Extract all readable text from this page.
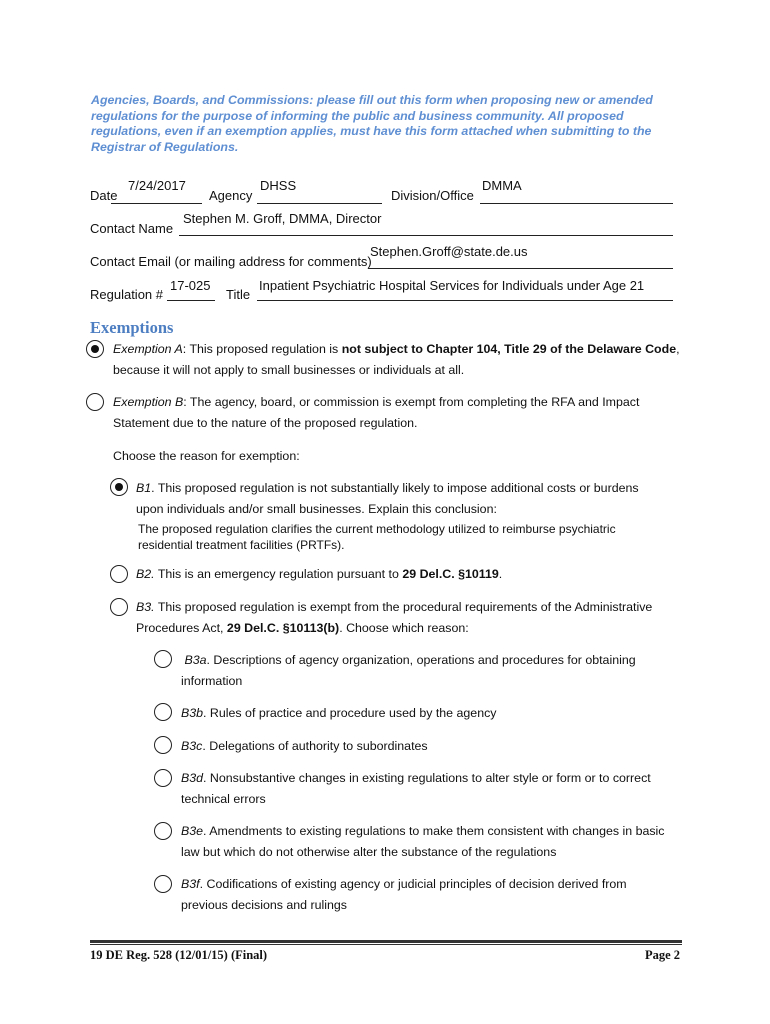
Agencies, Boards, and Commissions: please fill out this form when proposing new or amended regulations for the purpose of informing the public and business community. All proposed regulations, even if an exemption applies, must have this form attached when submitting to the Registrar of Regulations.
Date
7/24/2017
Agency
DHSS
Division/Office
DMMA
Contact Name
Stephen M. Groff, DMMA, Director
Contact Email (or mailing address for comments)
Stephen.Groff@state.de.us
Regulation #
17-025
Title
Inpatient Psychiatric Hospital Services for Individuals under Age 21
Exemptions
Exemption A: This proposed regulation is not subject to Chapter 104, Title 29 of the Delaware Code,
because it will not apply to small businesses or individuals at all.
Exemption B: The agency, board, or commission is exempt from completing the RFA and Impact
Statement due to the nature of the proposed regulation.
Choose the reason for exemption:
B1. This proposed regulation is not substantially likely to impose additional costs or burdens
upon individuals and/or small businesses. Explain this conclusion:
The proposed regulation clarifies the current methodology utilized to reimburse psychiatric
residential treatment facilities (PRTFs).
B2. This is an emergency regulation pursuant to 29 Del.C. §10119.
B3. This proposed regulation is exempt from the procedural requirements of the Administrative
Procedures Act, 29 Del.C. §10113(b). Choose which reason:
B3a. Descriptions of agency organization, operations and procedures for obtaining
information
B3b. Rules of practice and procedure used by the agency
B3c. Delegations of authority to subordinates
B3d. Nonsubstantive changes in existing regulations to alter style or form or to correct
technical errors
B3e. Amendments to existing regulations to make them consistent with changes in basic
law but which do not otherwise alter the substance of the regulations
B3f. Codifications of existing agency or judicial principles of decision derived from
previous decisions and rulings
19 DE Reg. 528 (12/01/15) (Final)	Page 2
